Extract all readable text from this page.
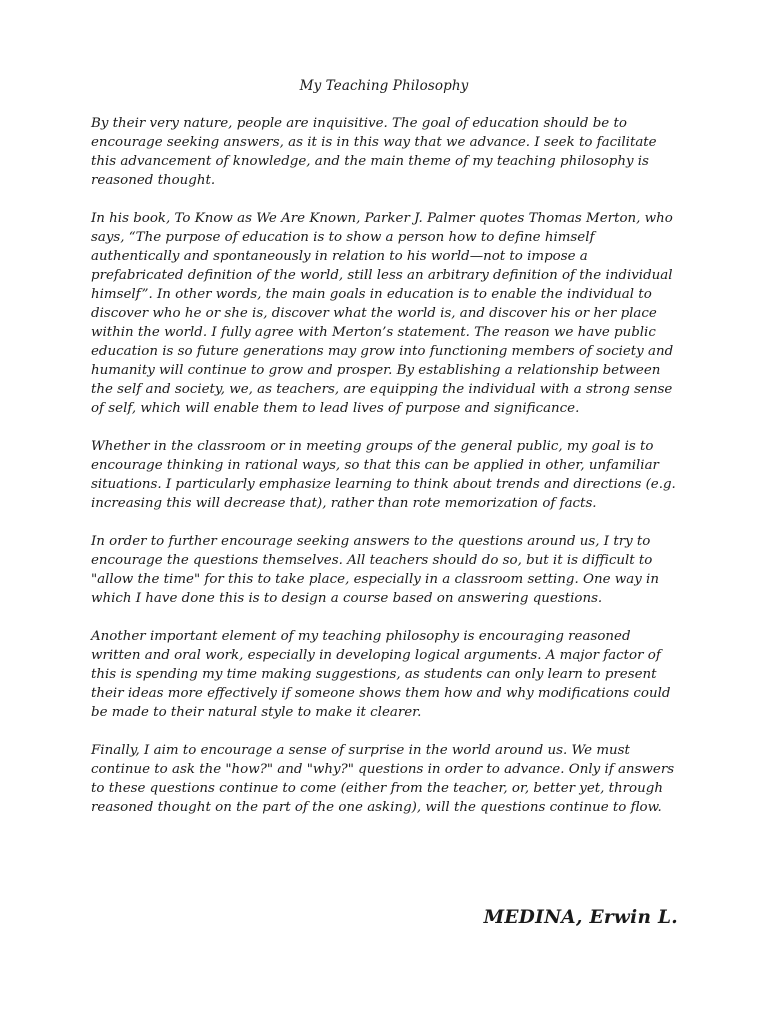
My Teaching Philosophy

By their very nature, people are inquisitive. The goal of education should be to encourage seeking answers, as it is in this way that we advance. I seek to facilitate this advancement of knowledge, and the main theme of my teaching philosophy is reasoned thought.

In his book, To Know as We Are Known, Parker J. Palmer quotes Thomas Merton, who says, “The purpose of education is to show a person how to define himself authentically and spontaneously in relation to his world—not to impose a prefabricated definition of the world, still less an arbitrary definition of the individual himself”. In other words, the main goals in education is to enable the individual to discover who he or she is, discover what the world is, and discover his or her place within the world. I fully agree with Merton’s statement. The reason we have public education is so future generations may grow into functioning members of society and humanity will continue to grow and prosper. By establishing a relationship between the self and society, we, as teachers, are equipping the individual with a strong sense of self, which will enable them to lead lives of purpose and significance.

Whether in the classroom or in meeting groups of the general public, my goal is to encourage thinking in rational ways, so that this can be applied in other, unfamiliar situations. I particularly emphasize learning to think about trends and directions (e.g. increasing this will decrease that), rather than rote memorization of facts.

In order to further encourage seeking answers to the questions around us, I try to encourage the questions themselves. All teachers should do so, but it is difficult to "allow the time" for this to take place, especially in a classroom setting. One way in which I have done this is to design a course based on answering questions.

Another important element of my teaching philosophy is encouraging reasoned written and oral work, especially in developing logical arguments. A major factor of this is spending my time making suggestions, as students can only learn to present their ideas more effectively if someone shows them how and why modifications could be made to their natural style to make it clearer.

Finally, I aim to encourage a sense of surprise in the world around us. We must continue to ask the "how?" and "why?" questions in order to advance. Only if answers to these questions continue to come (either from the teacher, or, better yet, through reasoned thought on the part of the one asking), will the questions continue to flow.

MEDINA, Erwin L.
